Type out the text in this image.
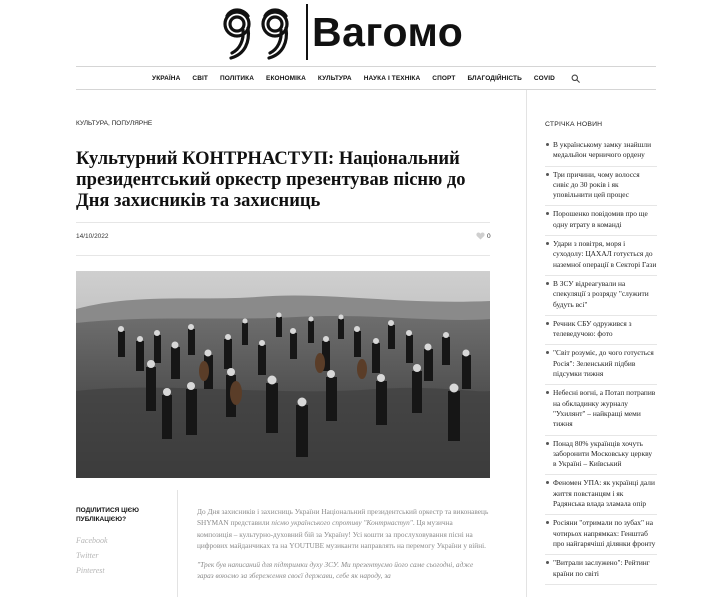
Вагомо
УКРАЇНА СВІТ ПОЛІТИКА ЕКОНОМІКА КУЛЬТУРА НАУКА І ТЕХНІКА СПОРТ БЛАГОДІЙНІСТЬ COVID
КУЛЬТУРА, ПОПУЛЯРНЕ
Культурний КОНТРНАСТУП: Національний президентський оркестр презентував пісню до Дня захисників та захисниць
14/10/2022	0
ПОДІЛИТИСЯ ЦІЄЮ ПУБЛІКАЦІЄЮ?
Facebook
Twitter
Pinterest

До Дня захисників і захисниць України Національний президентський оркестр та виконавець SHYMAN представили пісню українського спротиву "Контрнаступ". Ця музична композиція – культурно-духовний бій за Україну! Усі кошти за прослуховування пісні на цифрових майданчиках та на YOUTUBE музиканти направлять на перемогу України у війні.

"Трек був написаний для підтримки духу ЗСУ. Ми презентуємо його саме сьогодні, адже зараз воюємо за збереження своєї держави, себе як народу, за

СТРІЧКА НОВИН
В українському замку знайшли медальйон черничого ордену
Три причини, чому волосся сивіє до 30 років і як уповільнити цей процес
Порошенко повідомив про ще одну втрату в команді
Удари з повітря, моря і суходолу: ЦАХАЛ готується до наземної операції в Секторі Гази
В ЗСУ відреагували на спекуляції з розряду "служити будуть всі"
Речник СБУ одружився з телеведучою: фото
"Світ розуміє, до чого готується Росія": Зеленський підбив підсумки тижня
Небесні вогні, а Потап потрапив на обкладинку журналу "Ухилянт" – найкращі меми тижня
Понад 80% українців хочуть заборонити Московську церкву в Україні – Київський
Феномен УПА: як українці дали життя повстанцям і як Радянська влада зламала опір
Росіяни "отримали по зубах" на чотирьох напрямках: Генштаб про найгарячіші ділянки фронту
"Витрали заслужено": Рейтинг країни по світі
